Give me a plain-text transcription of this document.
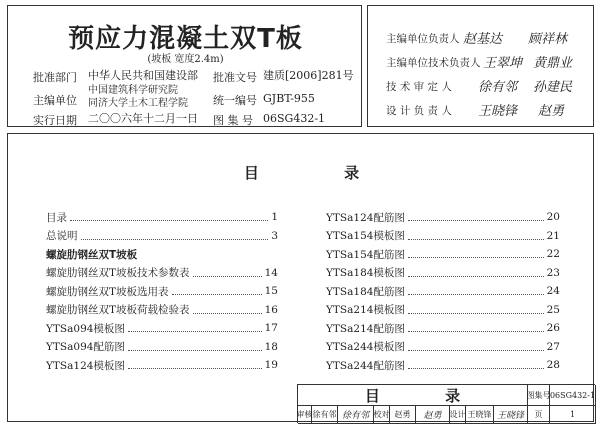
预应力混凝土双T板
(坡板 宽度2.4m)
批准部门 中华人民共和国建设部
主编单位
中国建筑科学研究院
同济大学土木工程学院
实行日期 二〇〇六年十二月一日
批准文号 建质[2006]281号
统一编号 GJBT-955
图 集 号 06SG432-1
主编单位负责人 赵基达 顾祥林
主编单位技术负责人 王翠坤 黄鼎业
技 术 审 定 人 徐有邻 孙建民
设 计 负 责 人 王晓锋 赵勇
目 录
目录	1
总说明	3
螺旋肋钢丝双T坡板
螺旋肋钢丝双T坡板技术参数表	14
螺旋肋钢丝双T坡板选用表	15
螺旋肋钢丝双T坡板荷载检验表	16
YTSa094模板图	17
YTSa094配筋图	18
YTSa124模板图	19
YTSa124配筋图	20
YTSa154模板图	21
YTSa154配筋图	22
YTSa184模板图	23
YTSa184配筋图	24
YTSa214模板图	25
YTSa214配筋图	26
YTSa244模板图	27
YTSa244配筋图	28
目 录	图集号 06SG432-1
审核 徐有邻 徐有邻 校对 赵勇	赵勇	设计 王晓锋 王晓锋	页	1
